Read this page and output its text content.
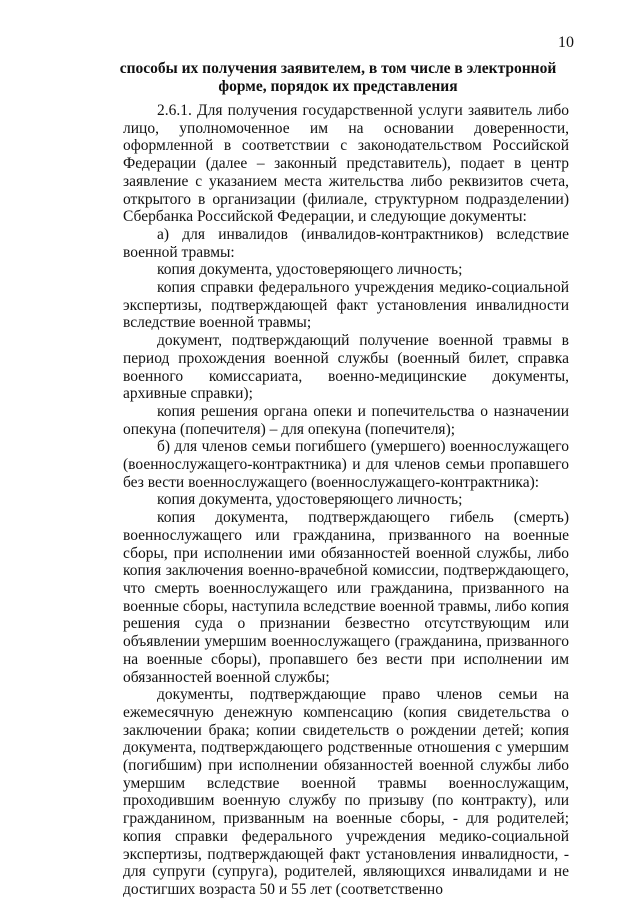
10
способы их получения заявителем, в том числе в электронной
форме, порядок их представления

2.6.1. Для получения государственной услуги заявитель либо лицо, уполномоченное им на основании доверенности, оформленной в соответствии с законодательством Российской Федерации (далее – законный представитель), подает в центр заявление с указанием места жительства либо реквизитов счета, открытого в организации (филиале, структурном подразделении) Сбербанка Российской Федерации, и следующие документы:

а) для инвалидов (инвалидов-контрактников) вследствие военной травмы:

копия документа, удостоверяющего личность;

копия справки федерального учреждения медико-социальной экспертизы, подтверждающей факт установления инвалидности вследствие военной травмы;

документ, подтверждающий получение военной травмы в период прохождения военной службы (военный билет, справка военного комиссариата, военно-медицинские документы, архивные справки);

копия решения органа опеки и попечительства о назначении опекуна (попечителя) – для опекуна (попечителя);

б) для членов семьи погибшего (умершего) военнослужащего (военнослужащего-контрактника) и для членов семьи пропавшего без вести военнослужащего (военнослужащего-контрактника):

копия документа, удостоверяющего личность;

копия документа, подтверждающего гибель (смерть) военнослужащего или гражданина, призванного на военные сборы, при исполнении ими обязанностей военной службы, либо копия заключения военно-врачебной комиссии, подтверждающего, что смерть военнослужащего или гражданина, призванного на военные сборы, наступила вследствие военной травмы, либо копия решения суда о признании безвестно отсутствующим или объявлении умершим военнослужащего (гражданина, призванного на военные сборы), пропавшего без вести при исполнении им обязанностей военной службы;

документы, подтверждающие право членов семьи на ежемесячную денежную компенсацию (копия свидетельства о заключении брака; копии свидетельств о рождении детей; копия документа, подтверждающего родственные отношения с умершим (погибшим) при исполнении обязанностей военной службы либо умершим вследствие военной травмы военнослужащим, проходившим военную службу по призыву (по контракту), или гражданином, призванным на военные сборы, - для родителей; копия справки федерального учреждения медико-социальной экспертизы, подтверждающей факт установления инвалидности, - для супруги (супруга), родителей, являющихся инвалидами и не достигших возраста 50 и 55 лет (соответственно
